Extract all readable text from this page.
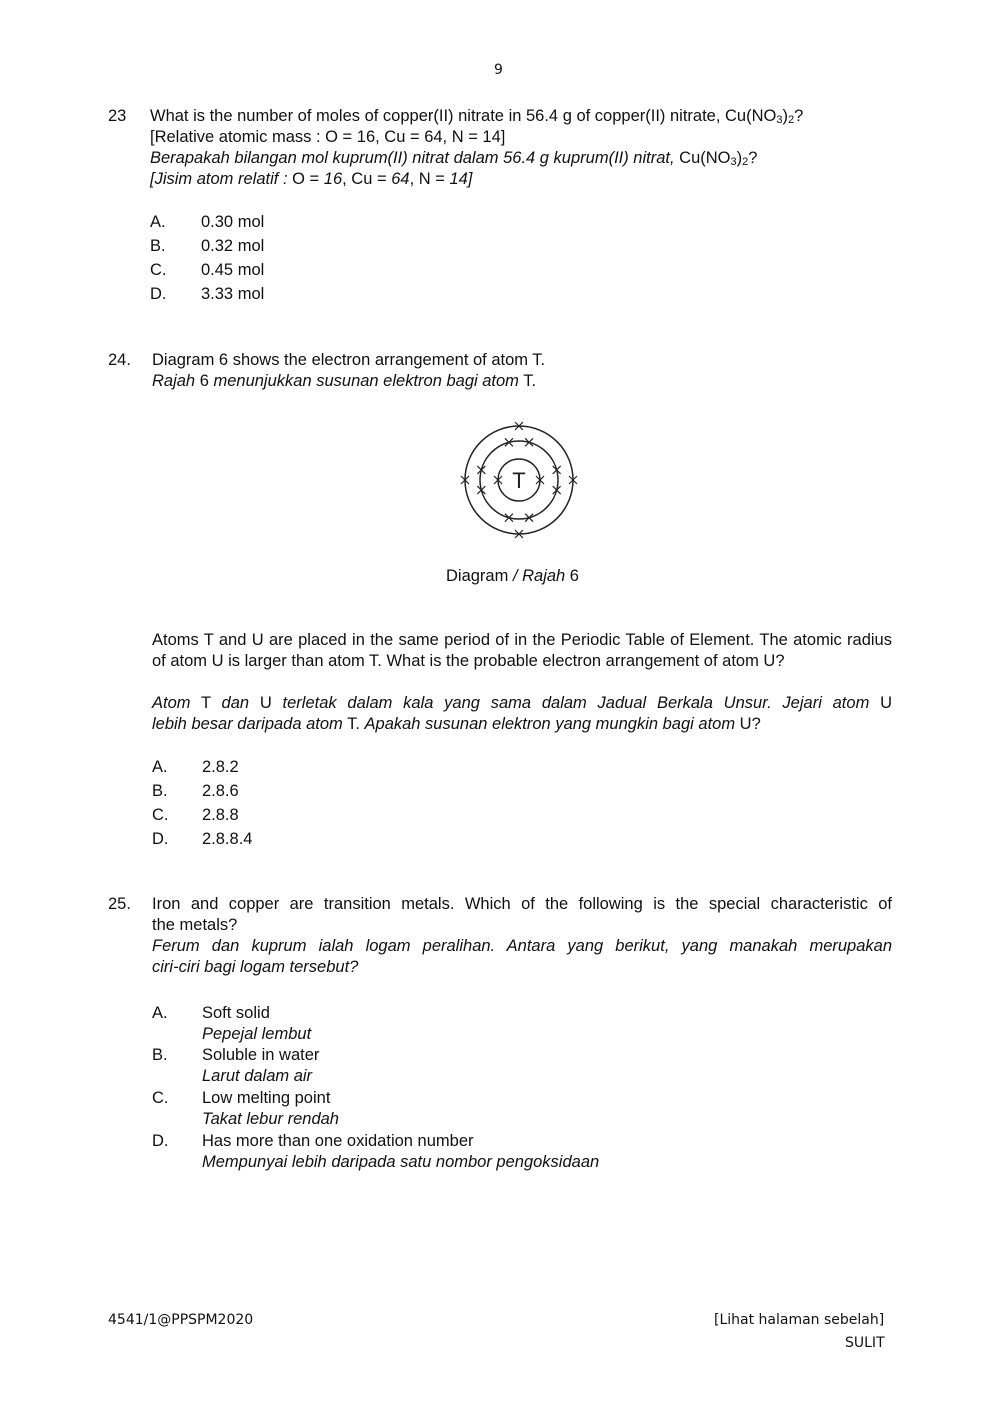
9
23 What is the number of moles of copper(II) nitrate in 56.4 g of copper(II) nitrate, $Cu(NO_3)_2$?
[Relative atomic mass : O = 16, Cu = 64, N = 14]
Berapakah bilangan mol kuprum(II) nitrat dalam 56.4 g kuprum(II) nitrat, $Cu(NO_3)_2$?
[Jisim atom relatif : O = 16, Cu = 64, N = 14]
A. 0.30 mol
B. 0.32 mol
C. 0.45 mol
D. 3.33 mol
24. Diagram 6 shows the electron arrangement of atom T.
Rajah 6 menunjukkan susunan elektron bagi atom T.
T
Diagram / Rajah 6
Atoms T and U are placed in the same period of in the Periodic Table of Element. The atomic radius of atom U is larger than atom T. What is the probable electron arrangement of atom U?
Atom T dan U terletak dalam kala yang sama dalam Jadual Berkala Unsur. Jejari atom U
lebih besar daripada atom T. Apakah susunan elektron yang mungkin bagi atom U?
A. 2.8.2
B. 2.8.6
C. 2.8.8
D. 2.8.8.4
25. Iron and copper are transition metals. Which of the following is the special characteristic of
the metals?
Ferum dan kuprum ialah logam peralihan. Antara yang berikut, yang manakah merupakan
ciri-ciri bagi logam tersebut?
A. Soft solid
Pepejal lembut
B. Soluble in water
Larut dalam air
C. Low melting point
Takat lebur rendah
D. Has more than one oxidation number
Mempunyai lebih daripada satu nombor pengoksidaan
4541/1@PPSPM2020	[Lihat halaman sebelah]
SULIT
